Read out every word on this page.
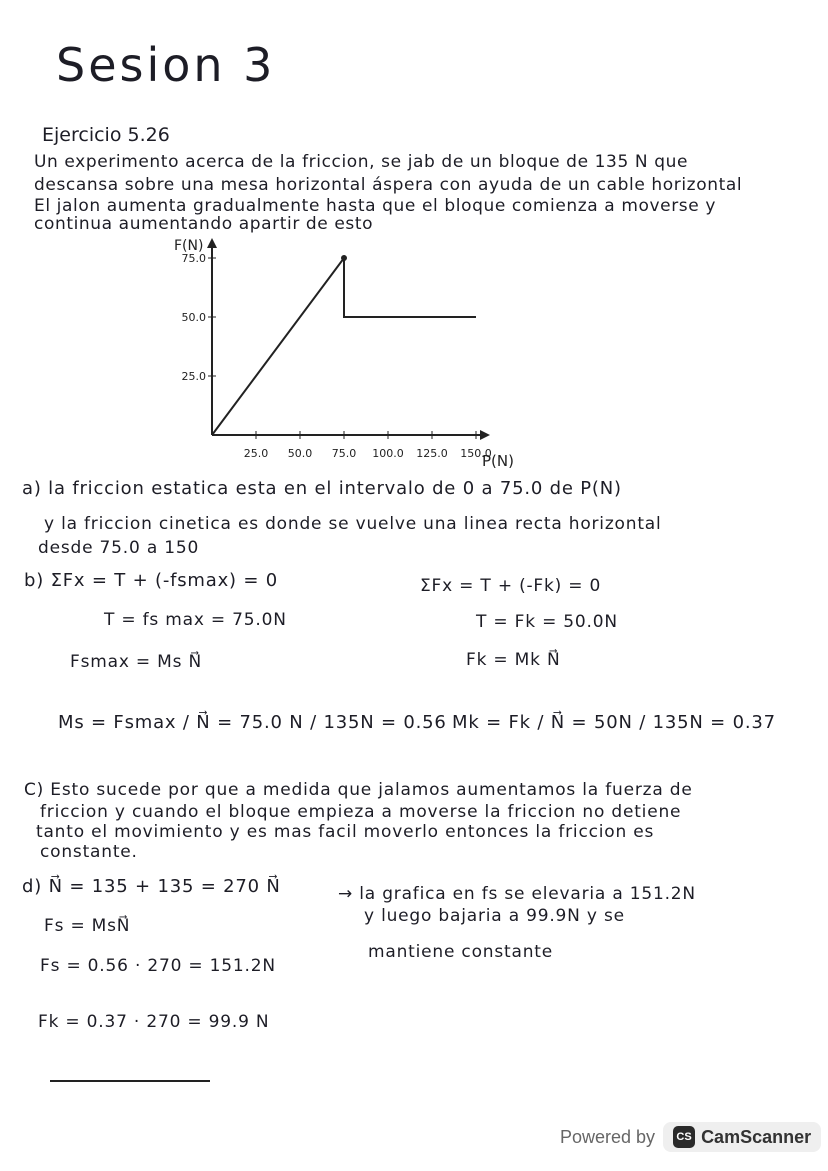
Sesion 3
Ejercicio 5.26
Un experimento acerca de la friccion, se jab de un bloque de 135 N que
descansa sobre una mesa horizontal áspera con ayuda de un cable horizontal
El jalon aumenta gradualmente hasta que el bloque comienza a moverse y
continua aumentando apartir de esto
F(N)
P(N)
25.0 50.0 75.0 100.0 125.0 150.0
25.0
50.0
75.0
a) la friccion estatica esta en el intervalo de 0 a 75.0 de P(N)
y la friccion cinetica es donde se vuelve una linea recta horizontal
desde 75.0 a 150
b) ΣFx = T + (-fsmax) = 0
T = fs max = 75.0N
Fsmax = Ms N⃗
Ms = Fsmax / N⃗ = 75.0 N / 135N = 0.56
ΣFx = T + (-Fk) = 0
T = Fk = 50.0N
Fk = Mk N⃗
Mk = Fk / N⃗ = 50N / 135N = 0.37
C) Esto sucede por que a medida que jalamos aumentamos la fuerza de
friccion y cuando el bloque empieza a moverse la friccion no detiene
tanto el movimiento y es mas facil moverlo entonces la friccion es
constante.
d) N⃗ = 135 + 135 = 270 N⃗
Fs = MsN⃗
Fs = 0.56 · 270 = 151.2N
Fk = 0.37 · 270 = 99.9 N
→ la grafica en fs se elevaria a 151.2N
y luego bajaria a 99.9N y se
mantiene constante
Powered by	CS CamScanner
